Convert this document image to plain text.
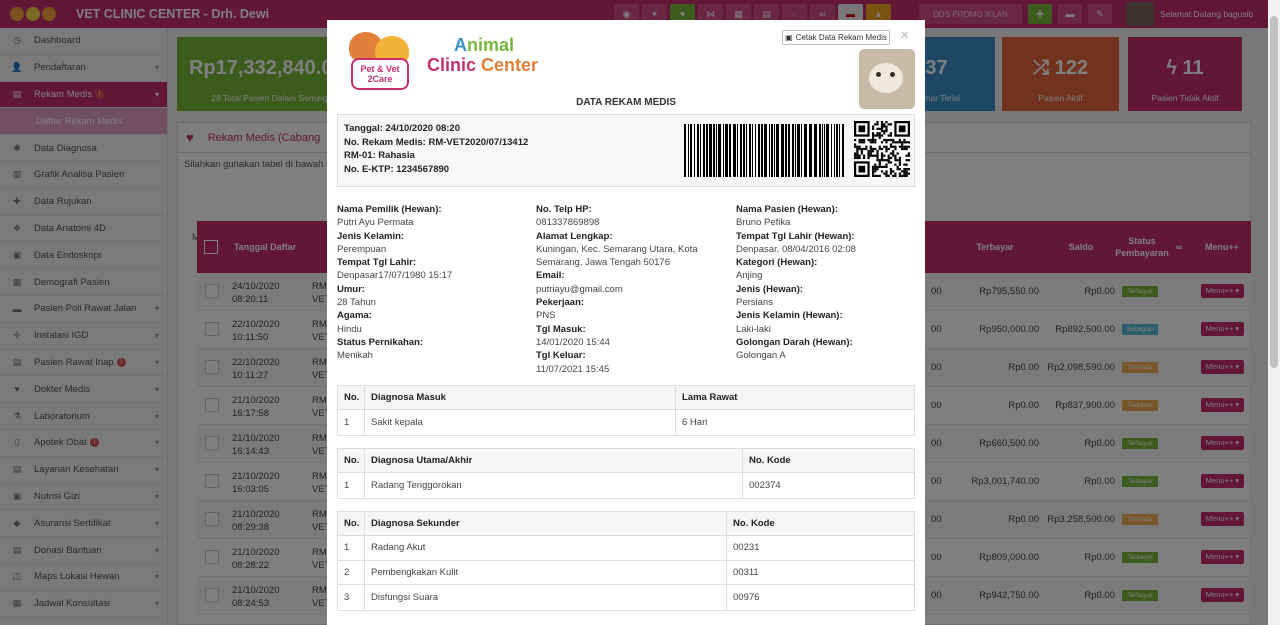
Pet & Vet 2Care
Animal
Clinic Center
▣ Cetak Data Rekam Medis ×
DATA REKAM MEDIS
Tanggal: 24/10/2020 08:20
No. Rekam Medis: RM-VET2020/07/13412
RM-01: Rahasia
No. E-KTP: 1234567890
Nama Pemilik (Hewan):
Putri Ayu Permata
Jenis Kelamin:
Perempuan
Tempat Tgl Lahir:
Denpasar17/07/1980 15:17
Umur:
28 Tahun
Agama:
Hindu
Status Pernikahan:
Menikah
No. Telp HP:
081337869898
Alamat Lengkap:
Kuningan, Kec. Semarang Utara, Kota Semarang, Jawa Tengah 50176
Email:
putriayu@gmail.com
Pekerjaan:
PNS
Tgl Masuk:
14/01/2020 15:44
Tgl Keluar:
11/07/2021 15:45
Nama Pasien (Hewan):
Bruno Pefika
Tempat Tgl Lahir (Hewan):
Denpasar, 08/04/2016 02:08
Kategori (Hewan):
Anjing
Jenis (Hewan):
Persians
Jenis Kelamin (Hewan):
Laki-laki
Golongan Darah (Hewan):
Golongan A
No.	Diagnosa Masuk	Lama Rawat
1	Sakit kepala	6 Hari
No.	Diagnosa Utama/Akhir	No. Kode
1	Radang Tenggorokan	002374
No.	Diagnosa Sekunder	No. Kode
1	Radang Akut	00231
2	Pembengkakan Kulit	00311
3	Disfungsi Suara	00976
